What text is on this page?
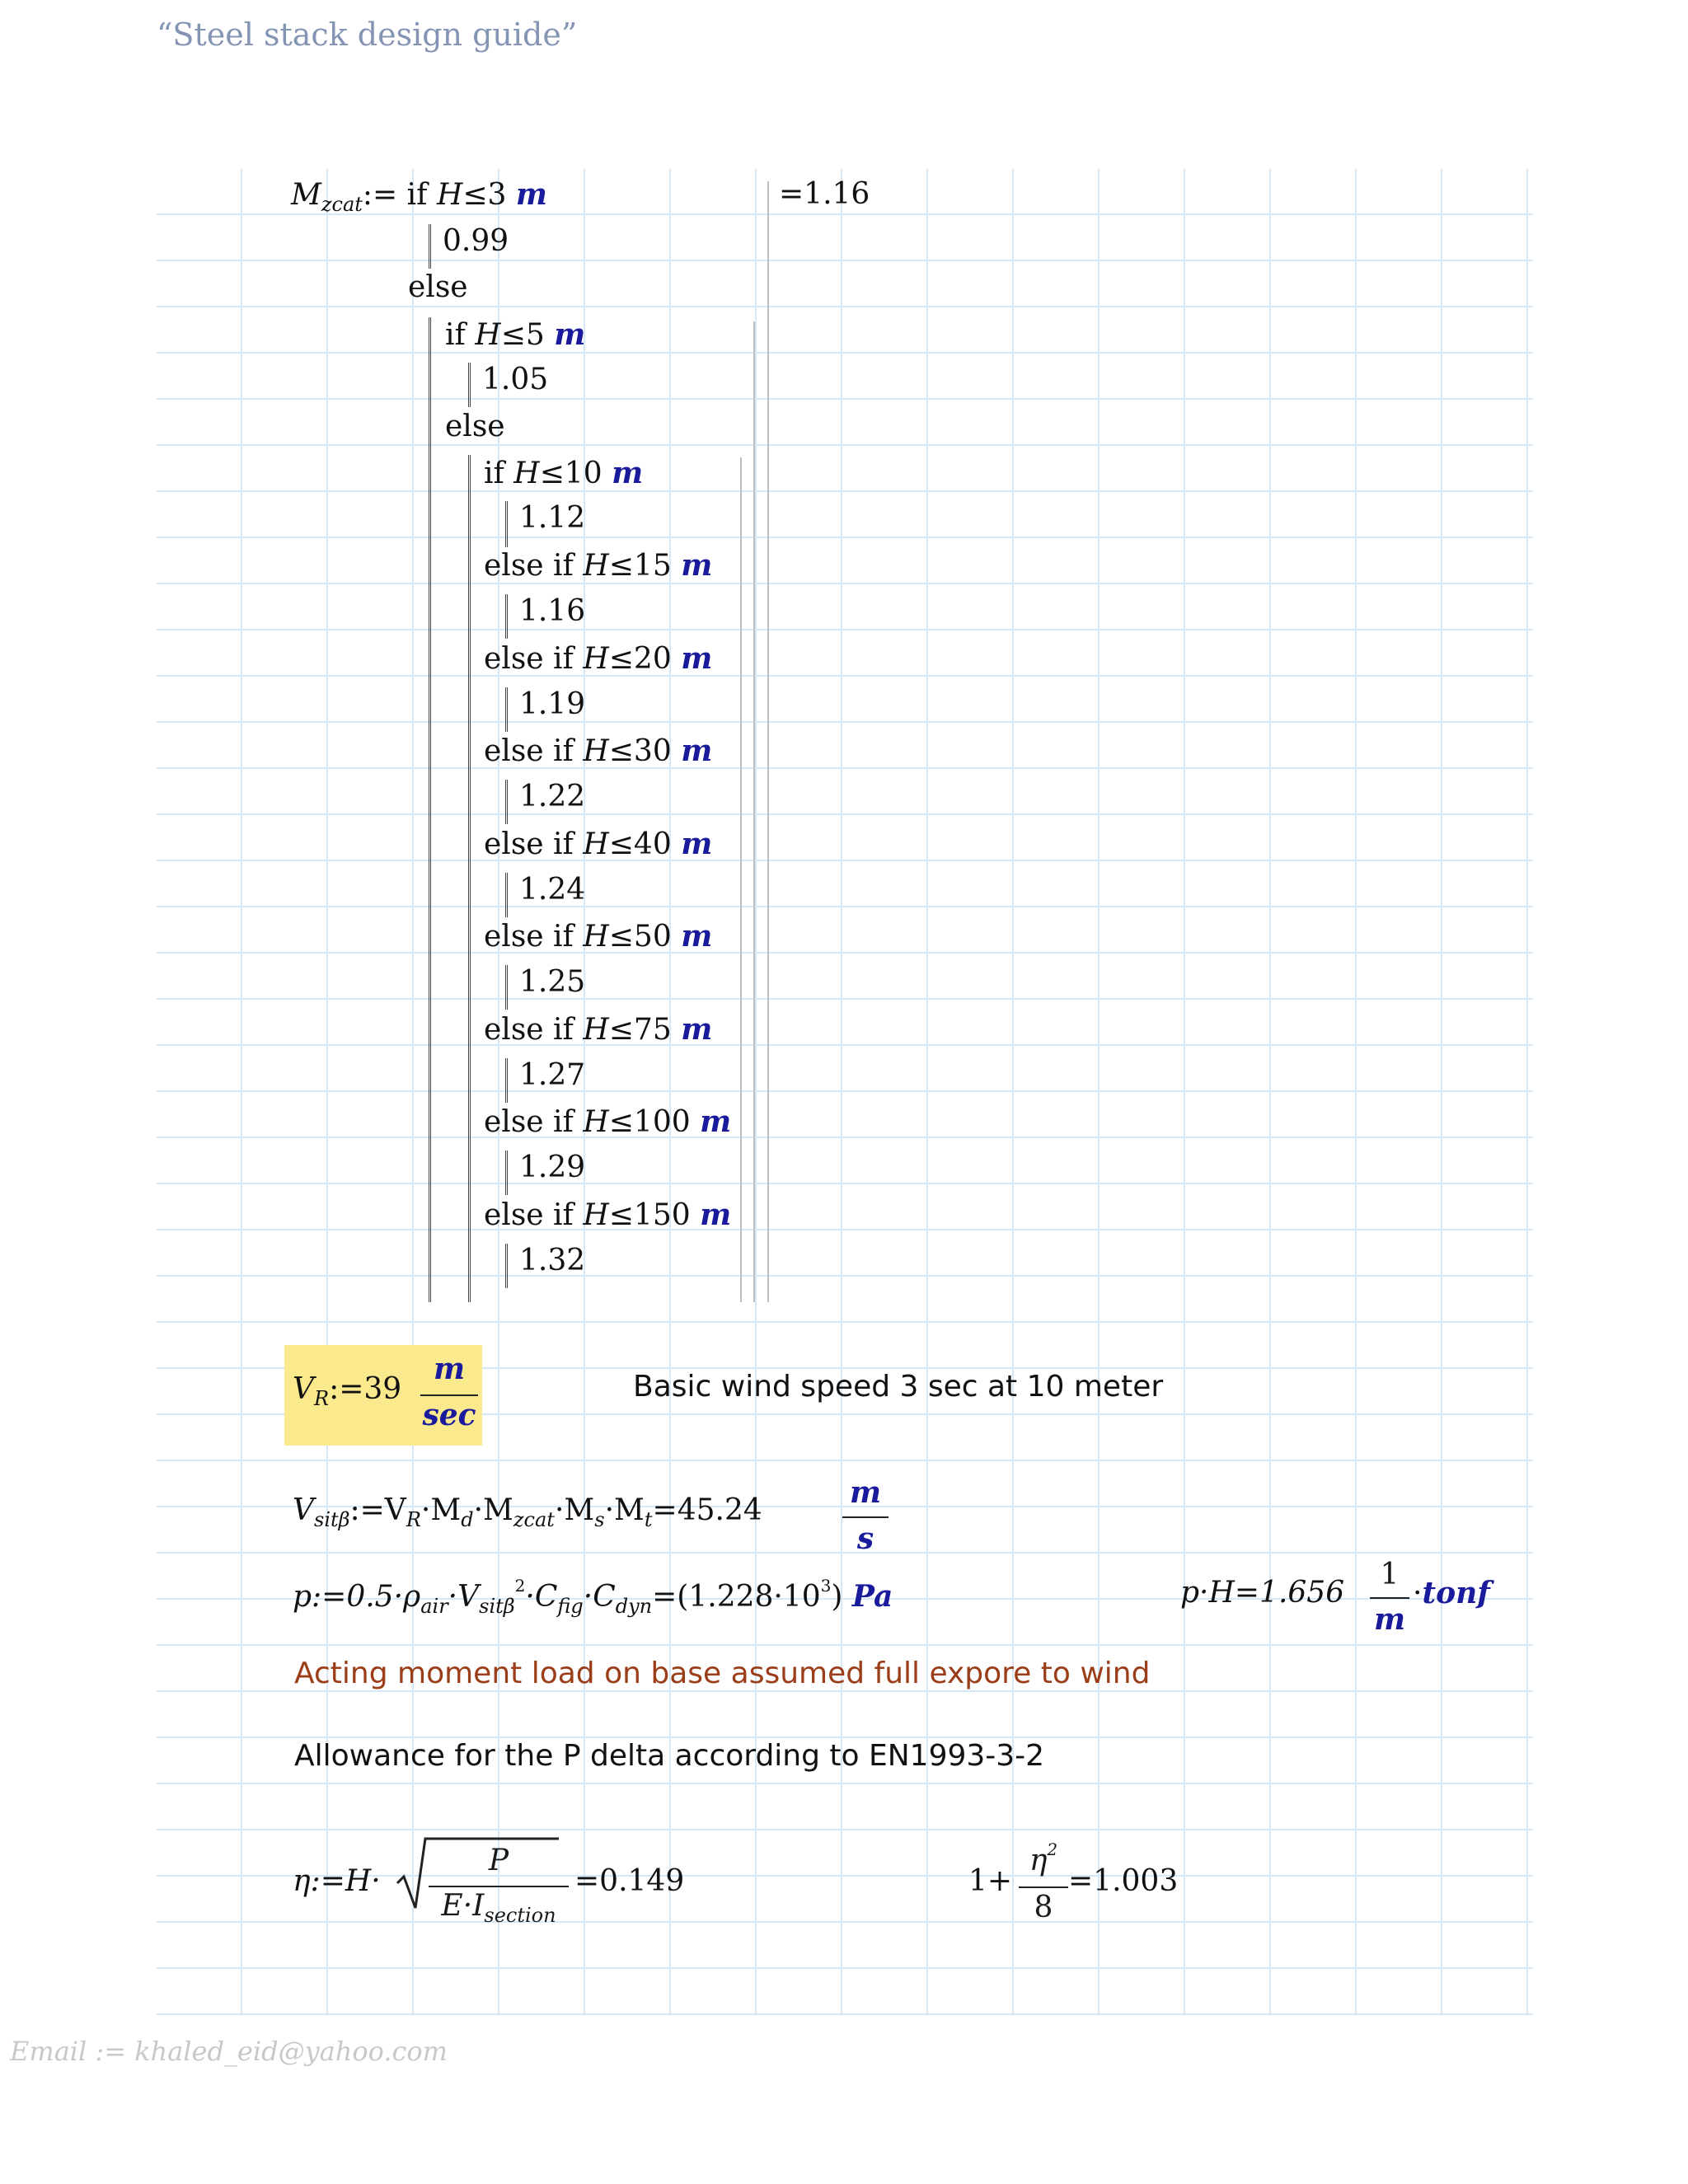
“Steel stack design guide”
$M_{zcat}:=$ if H≤3 m	=1.16
0.99
else
if H≤5 m
1.05
else
if H≤10 m
1.12
else if H≤15 m
1.16
else if H≤20 m
1.19
else if H≤30 m
1.22
else if H≤40 m
1.24
else if H≤50 m
1.25
else if H≤75 m
1.27
else if H≤100 m
1.29
else if H≤150 m
1.32
$V_R:=39$
m
sec
Basic wind speed 3 sec at 10 meter
$V_{sit\beta}:=V_R\cdot M_d\cdot M_{zcat}\cdot M_s\cdot M_t=45.24$
m
s
$p:=0.5\cdot\rho_{air}\cdot V_{sit\beta}^2\cdot C_{fig}\cdot C_{dyn}=(1.228\cdot 10^3)$ Pa	p·H=1.656
1
m
·tonf
Acting moment load on base assumed full expore to wind
Allowance for the P delta according to EN1993-3-2
η:=H·
P
$E\cdot I_{section}$
=0.149	1+
$\eta^2$
8
=1.003
Email := khaled_eid@yahoo.com
